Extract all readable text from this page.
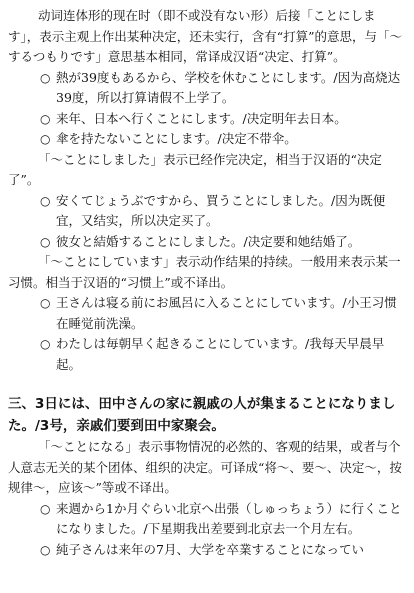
动词连体形的现在时（即不或没有ない形）后接「ことにします」，表示主观上作出某种决定，还未实行，含有“打算”的意思，与「～するつもりです」意思基本相同，常译成汉语“决定、打算”。

○ 熱が39度もあるから、学校を休むことにします。/因为高烧达39度，所以打算请假不上学了。

○ 来年、日本へ行くことにします。/决定明年去日本。

○ 傘を持たないことにします。/决定不带伞。

「～ことにしました」表示已经作完决定，相当于汉语的“决定了”。

○ 安くてじょうぶですから、買うことにしました。/因为既便宜，又结实，所以决定买了。

○ 彼女と結婚することにしました。/决定要和她结婚了。

「～ことにしています」表示动作结果的持续。一般用来表示某一习惯。相当于汉语的“习惯上”或不译出。

○ 王さんは寝る前にお風呂に入ることにしています。/小王习惯在睡觉前洗澡。

○ わたしは毎朝早く起きることにしています。/我每天早晨早起。

三、3日には、田中さんの家に親戚の人が集まることになりました。/3号，亲戚们要到田中家聚会。

「～ことになる」表示事物情况的必然的、客观的结果，或者与个人意志无关的某个团体、组织的决定。可译成“将～、要～、决定～，按规律～，应该～”等或不译出。

○ 来週から1か月ぐらい北京へ出張（しゅっちょう）に行くことになりました。/下星期我出差要到北京去一个月左右。

○ 純子さんは来年の7月、大学を卒業することになってい
